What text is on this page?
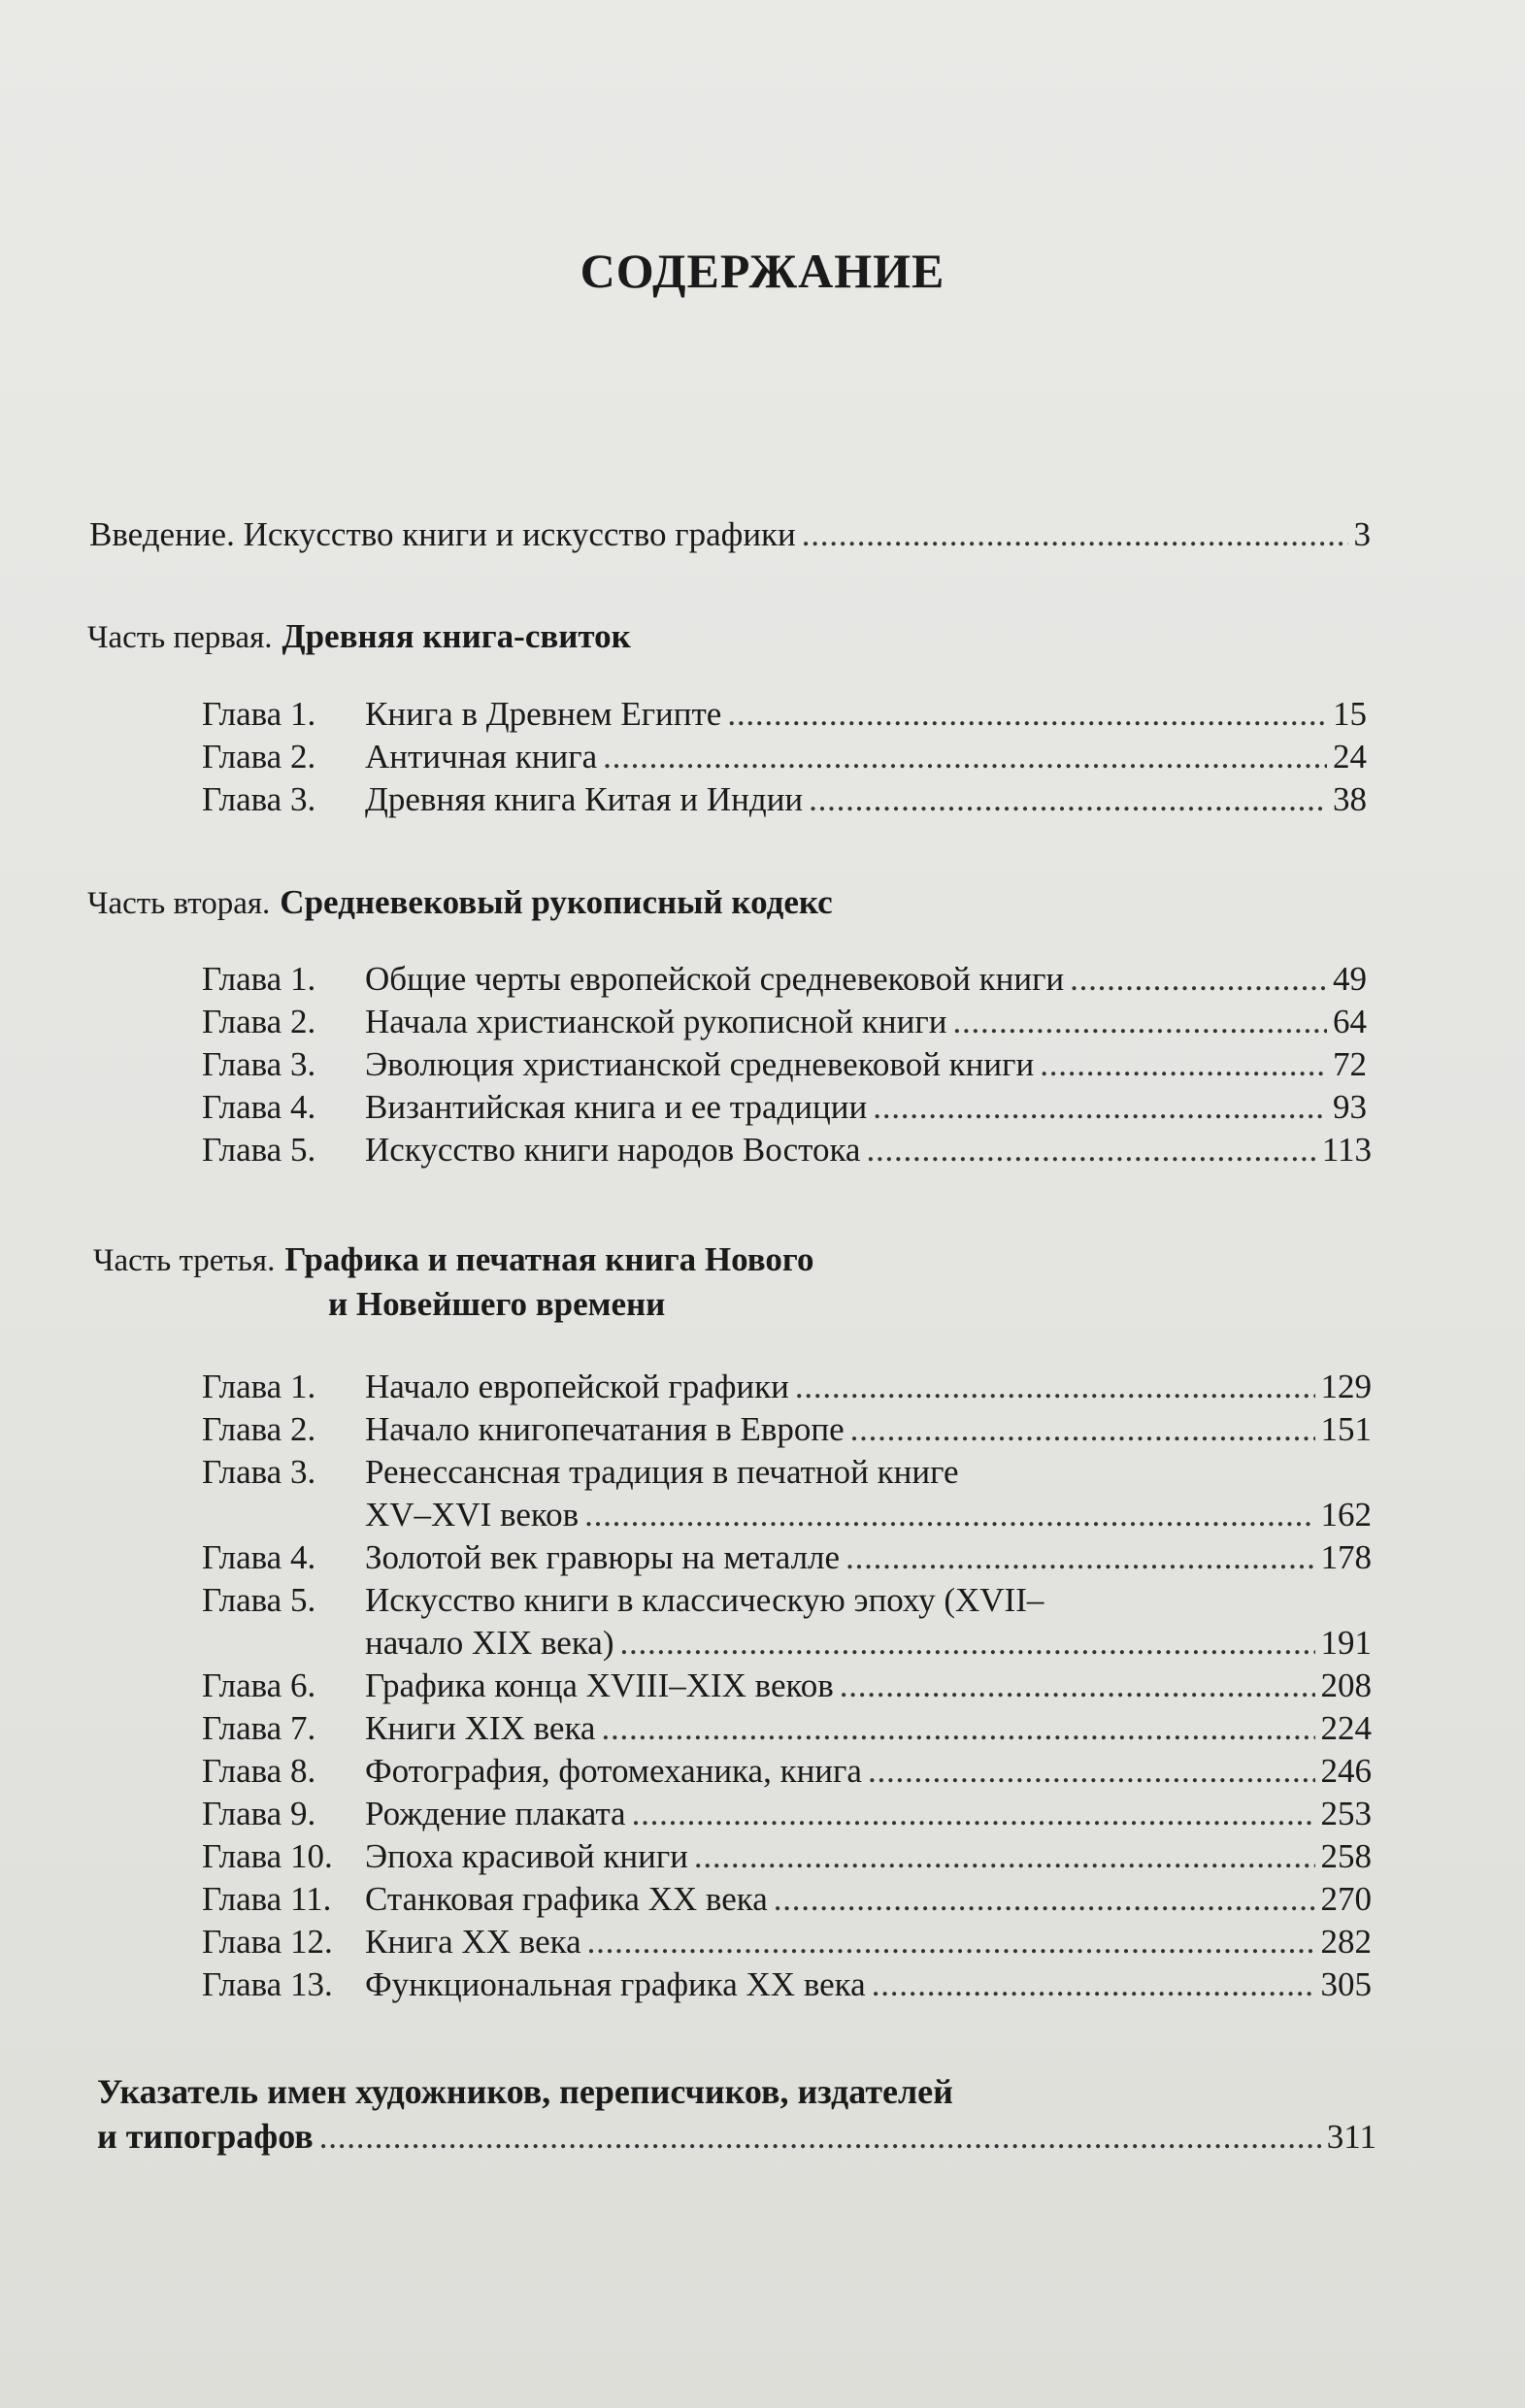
СОДЕРЖАНИЕ
Введение. Искусство книги и искусство графики . . .	3
Часть первая. Древняя книга-свиток
Глава 1. Книга в Древнем Египте . . .	15
Глава 2. Античная книга . . .	24
Глава 3. Древняя книга Китая и Индии . . .	38
Часть вторая. Средневековый рукописный кодекс
Глава 1. Общие черты европейской средневековой книги . . .	49
Глава 2. Начала христианской рукописной книги . . .	64
Глава 3. Эволюция христианской средневековой книги . . .	72
Глава 4. Византийская книга и ее традиции . . .	93
Глава 5. Искусство книги народов Востока . . .	113
Часть третья. Графика и печатная книга Нового
и Новейшего времени
Глава 1. Начало европейской графики . . .	129
Глава 2. Начало книгопечатания в Европе . . .	151
Глава 3. Ренессансная традиция в печатной книге
XV–XVI веков . . .	162
Глава 4. Золотой век гравюры на металле . . .	178
Глава 5. Искусство книги в классическую эпоху (XVII–
начало XIX века) . . .	191
Глава 6. Графика конца XVIII–XIX веков . . .	208
Глава 7. Книги XIX века . . .	224
Глава 8. Фотография, фотомеханика, книга . . .	246
Глава 9. Рождение плаката . . .	253
Глава 10. Эпоха красивой книги . . .	258
Глава 11. Станковая графика XX века . . .	270
Глава 12. Книга XX века . . .	282
Глава 13. Функциональная графика XX века . . .	305
Указатель имен художников, переписчиков, издателей
и типографов . . .	311
